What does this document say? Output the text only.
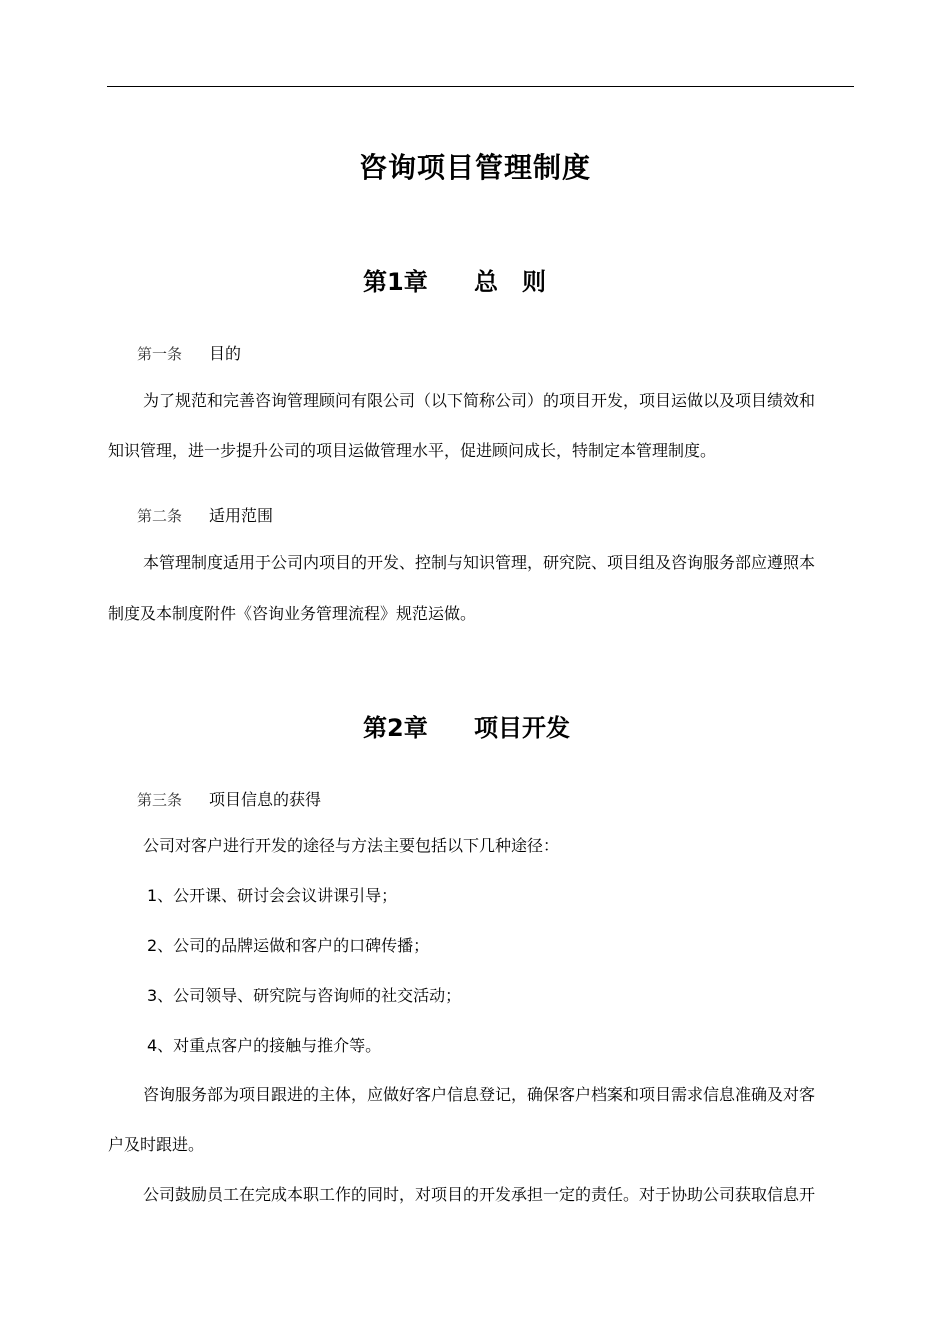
咨询项目管理制度
第1章 总　则
第一条 目的
为了规范和完善咨询管理顾问有限公司（以下简称公司）的项目开发，项目运做以及项目绩效和
知识管理，进一步提升公司的项目运做管理水平，促进顾问成长，特制定本管理制度。
第二条 适用范围
本管理制度适用于公司内项目的开发、控制与知识管理，研究院、项目组及咨询服务部应遵照本
制度及本制度附件《咨询业务管理流程》规范运做。
第2章 项目开发
第三条 项目信息的获得
公司对客户进行开发的途径与方法主要包括以下几种途径：
1、公开课、研讨会会议讲课引导；
2、公司的品牌运做和客户的口碑传播；
3、公司领导、研究院与咨询师的社交活动；
4、对重点客户的接触与推介等。
咨询服务部为项目跟进的主体，应做好客户信息登记，确保客户档案和项目需求信息准确及对客
户及时跟进。
公司鼓励员工在完成本职工作的同时，对项目的开发承担一定的责任。对于协助公司获取信息开
